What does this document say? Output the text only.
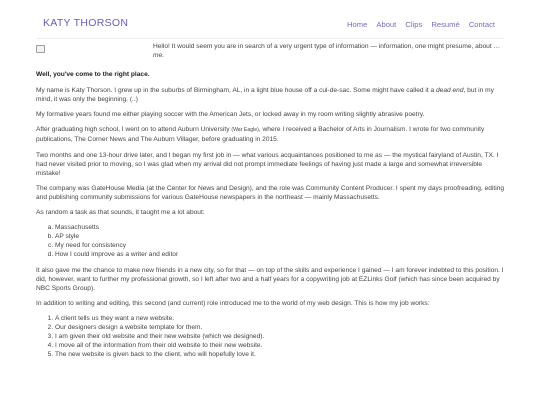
KATY THORSON	Home About Clips Resumé Contact
Hello! It would seem you are in search of a very urgent type of information — information, one might presume, about … me.

Well, you've come to the right place.

My name is Katy Thorson. I grew up in the suburbs of Birmingham, AL, in a light blue house off a cul-de-sac. Some might have called it a dead end, but in my mind, it was only the beginning. (..)

My formative years found me either playing soccer with the American Jets, or locked away in my room writing slightly abrasive poetry.

After graduating high school, I went on to attend Auburn University (War Eagle), where I received a Bachelor of Arts in Journalism. I wrote for two community publications, The Corner News and The Auburn Villager, before graduating in 2015.

Two months and one 13-hour drive later, and I began my first job in — what various acquaintances positioned to me as — the mystical fairyland of Austin, TX. I had never visited prior to moving, so I was glad when my arrival did not prompt immediate feelings of having just made a large and somewhat irreversible mistake!

The company was GateHouse Media (at the Center for News and Design), and the role was Community Content Producer. I spent my days proofreading, editing and publishing community submissions for various GateHouse newspapers in the northeast — mainly Massachusetts.

As random a task as that sounds, it taught me a lot about:

a. Massachusetts
b. AP style
c. My need for consistency
d. How I could improve as a writer and editor

It also gave me the chance to make new friends in a new city, so for that — on top of the skills and experience I gained — I am forever indebted to this position. I did, however, want to further my professional growth, so I left after two and a half years for a copywriting job at EZLinks Golf (which has since been acquired by NBC Sports Group).

In addition to writing and editing, this second (and current) role introduced me to the world of my web design. This is how my job works:

1. A client tells us they want a new website.
2. Our designers design a website template for them.
3. I am given their old website and their new website (which we designed).
4. I move all of the information from their old website to their new website.
5. The new website is given back to the client, who will hopefully love it.
